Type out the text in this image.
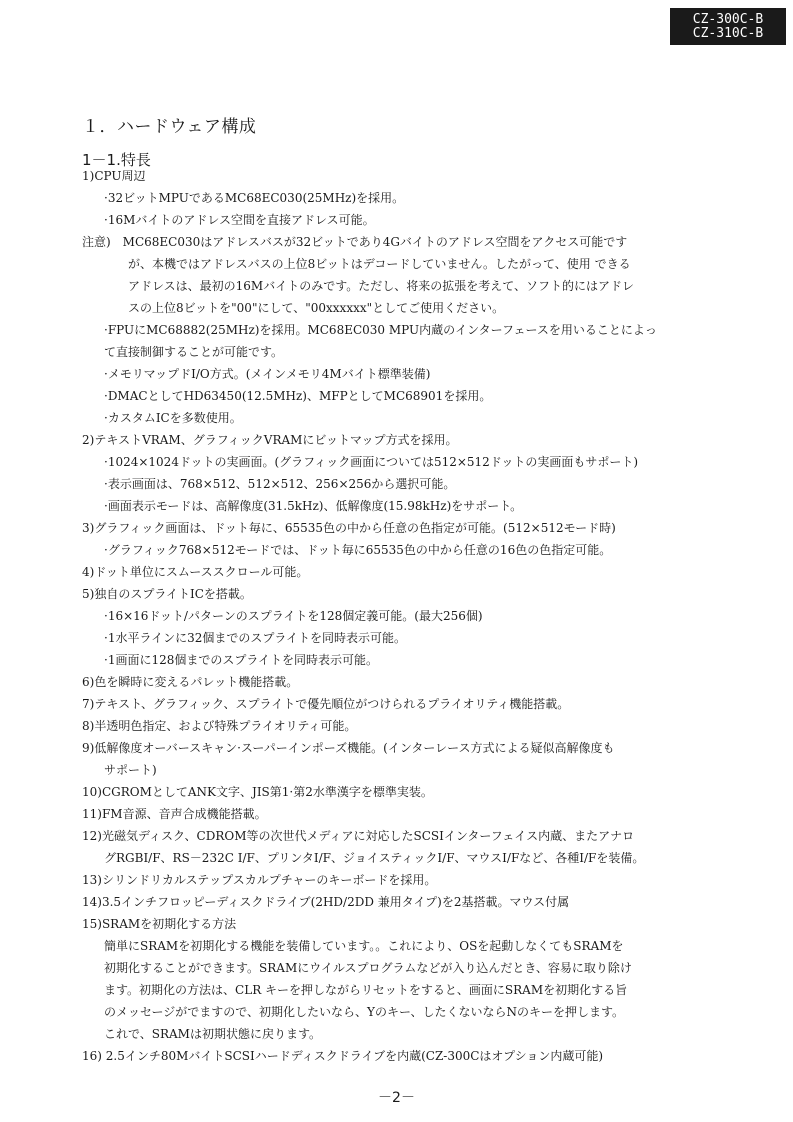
CZ-300C-B
CZ-310C-B
１．ハードウェア構成
1－1.特長
1)CPU周辺
·32ビットMPUであるMC68EC030(25MHz)を採用。
·16Mバイトのアドレス空間を直接アドレス可能。
注意)　MC68EC030はアドレスバスが32ビットであり4Gバイトのアドレス空間をアクセス可能です
が、本機ではアドレスバスの上位8ビットはデコードしていません。したがって、使用 できる
アドレスは、最初の16Mバイトのみです。ただし、将来の拡張を考えて、ソフト的にはアドレ
スの上位8ビットを"00"にして、"00xxxxxx"としてご使用ください。
·FPUにMC68882(25MHz)を採用。MC68EC030 MPU内蔵のインターフェースを用いることによっ
て直接制御することが可能です。
·メモリマップドI/O方式。(メインメモリ4Mバイト標準装備)
·DMACとしてHD63450(12.5MHz)、MFPとしてMC68901を採用。
·カスタムICを多数使用。
2)テキストVRAM、グラフィックVRAMにビットマップ方式を採用。
·1024×1024ドットの実画面。(グラフィック画面については512×512ドットの実画面もサポート)
·表示画面は、768×512、512×512、256×256から選択可能。
·画面表示モードは、高解像度(31.5kHz)、低解像度(15.98kHz)をサポート。
3)グラフィック画面は、ドット毎に、65535色の中から任意の色指定が可能。(512×512モード時)
·グラフィック768×512モードでは、ドット毎に65535色の中から任意の16色の色指定可能。
4)ドット単位にスムーススクロール可能。
5)独自のスプライトICを搭載。
·16×16ドット/パターンのスプライトを128個定義可能。(最大256個)
·1水平ラインに32個までのスプライトを同時表示可能。
·1画面に128個までのスプライトを同時表示可能。
6)色を瞬時に変えるパレット機能搭載。
7)テキスト、グラフィック、スプライトで優先順位がつけられるプライオリティ機能搭載。
8)半透明色指定、および特殊プライオリティ可能。
9)低解像度オーバースキャン·スーパーインポーズ機能。(インターレース方式による疑似高解像度も
サポート)
10)CGROMとしてANK文字、JIS第1·第2水準漢字を標準実装。
11)FM音源、音声合成機能搭載。
12)光磁気ディスク、CDROM等の次世代メディアに対応したSCSIインターフェイス内蔵、またアナロ
グRGBI/F、RS－232C I/F、プリンタI/F、ジョイスティックI/F、マウスI/Fなど、各種I/Fを装備。
13)シリンドリカルステップスカルプチャーのキーボードを採用。
14)3.5インチフロッピーディスクドライブ(2HD/2DD 兼用タイプ)を2基搭載。マウス付属
15)SRAMを初期化する方法
簡単にSRAMを初期化する機能を装備しています。。これにより、OSを起動しなくてもSRAMを
初期化することができます。SRAMにウイルスプログラムなどが入り込んだとき、容易に取り除け
ます。初期化の方法は、CLR キーを押しながらリセットをすると、画面にSRAMを初期化する旨
のメッセージがでますので、初期化したいなら、Yのキー、したくないならNのキーを押します。
これで、SRAMは初期状態に戻ります。
16) 2.5インチ80MバイトSCSIハードディスクドライブを内蔵(CZ-300Cはオプション内蔵可能)
－2－
